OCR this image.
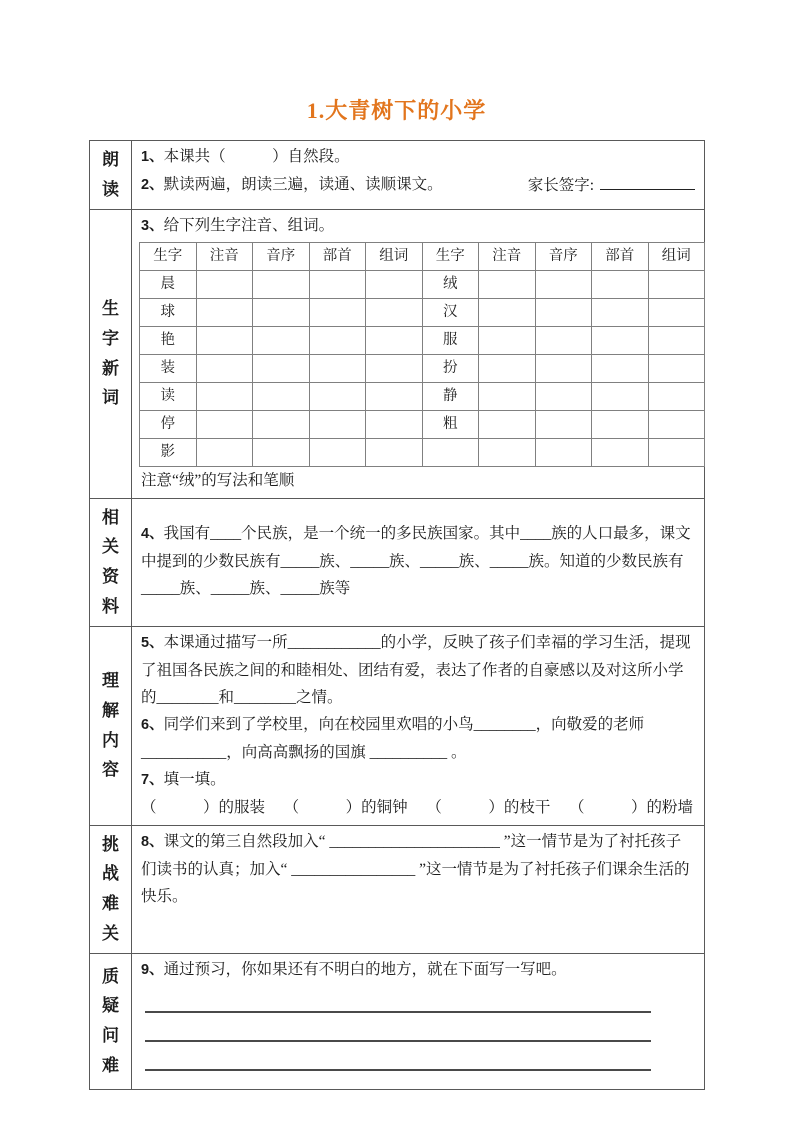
1.大青树下的小学
朗读

1、本课共（　　　）自然段。

2、默读两遍，朗读三遍，读通、读顺课文。	家长签字:

生字新词

3、给下列生字注音、组词。

生字	注音	音序	部首	组词	生字	注音	音序	部首	组词
晨					绒				
球					汉				
艳					服				
装					扮				
读					静				
停					粗				
影									

注意“绒”的写法和笔顺

相关资料

4、我国有____个民族，是一个统一的多民族国家。其中____族的人口最多，课文中提到的少数民族有_____族、_____族、_____族、_____族。知道的少数民族有_____族、_____族、_____族等

理解内容

5、本课通过描写一所____________的小学，反映了孩子们幸福的学习生活，提现了祖国各民族之间的和睦相处、团结有爱，表达了作者的自豪感以及对这所小学的________和________之情。

6、同学们来到了学校里，向在校园里欢唱的小鸟________，向敬爱的老师___________，向高高飘扬的国旗 __________ 。

7、填一填。

（　　　）的服装 （　　　）的铜钟 （　　　）的枝干 （　　　）的粉墙
挑战难关

8、课文的第三自然段加入“ ______________________ ”这一情节是为了衬托孩子们读书的认真；加入“ ________________ ”这一情节是为了衬托孩子们课余生活的快乐。

质疑问难

9、通过预习，你如果还有不明白的地方，就在下面写一写吧。
